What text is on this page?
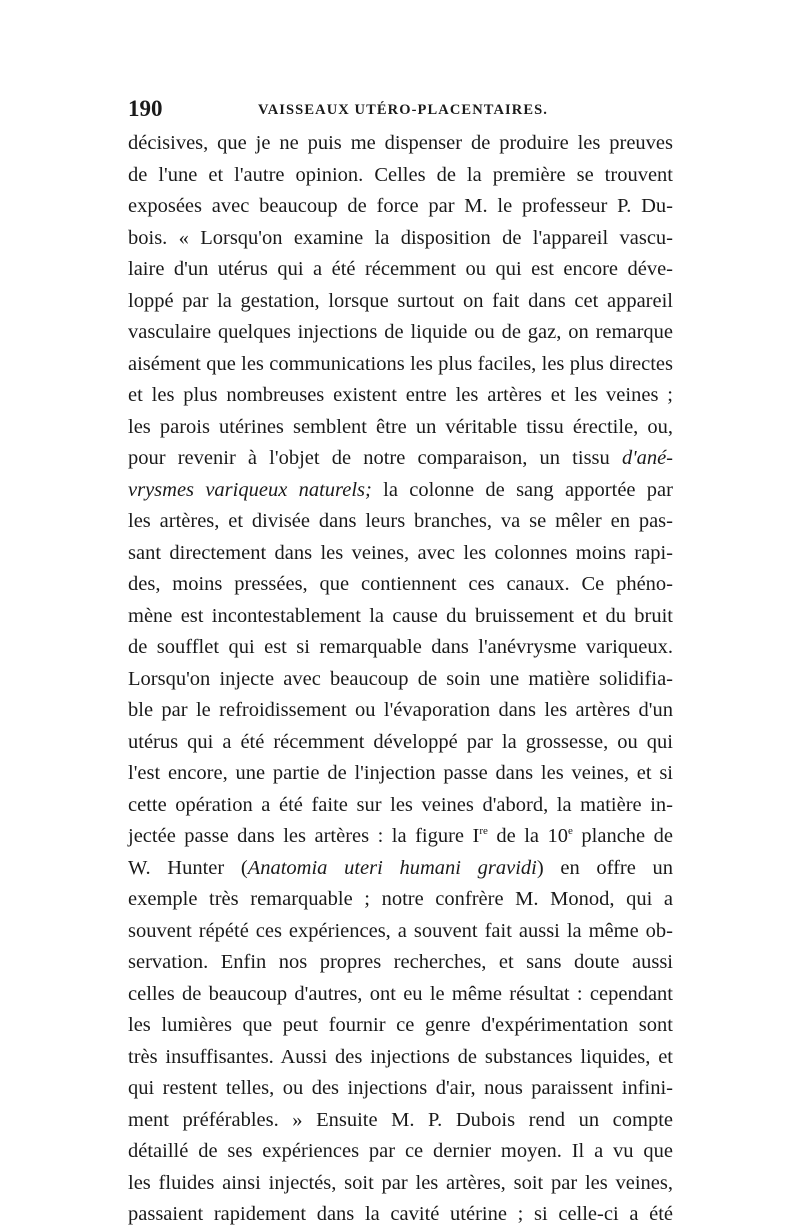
190	VAISSEAUX UTÉRO-PLACENTAIRES.
décisives, que je ne puis me dispenser de produire les preuves
de l'une et l'autre opinion. Celles de la première se trouvent
exposées avec beaucoup de force par M. le professeur P. Du-
bois. « Lorsqu'on examine la disposition de l'appareil vascu-
laire d'un utérus qui a été récemment ou qui est encore déve-
loppé par la gestation, lorsque surtout on fait dans cet appareil
vasculaire quelques injections de liquide ou de gaz, on remarque
aisément que les communications les plus faciles, les plus directes
et les plus nombreuses existent entre les artères et les veines ;
les parois utérines semblent être un véritable tissu érectile, ou,
pour revenir à l'objet de notre comparaison, un tissu d'ané-
vrysmes variqueux naturels; la colonne de sang apportée par
les artères, et divisée dans leurs branches, va se mêler en pas-
sant directement dans les veines, avec les colonnes moins rapi-
des, moins pressées, que contiennent ces canaux. Ce phéno-
mène est incontestablement la cause du bruissement et du bruit
de soufflet qui est si remarquable dans l'anévrysme variqueux.
Lorsqu'on injecte avec beaucoup de soin une matière solidifia-
ble par le refroidissement ou l'évaporation dans les artères d'un
utérus qui a été récemment développé par la grossesse, ou qui
l'est encore, une partie de l'injection passe dans les veines, et si
cette opération a été faite sur les veines d'abord, la matière in-
jectée passe dans les artères : la figure Ire de la 10e planche de
W. Hunter (Anatomia uteri humani gravidi) en offre un
exemple très remarquable ; notre confrère M. Monod, qui a
souvent répété ces expériences, a souvent fait aussi la même ob-
servation. Enfin nos propres recherches, et sans doute aussi
celles de beaucoup d'autres, ont eu le même résultat : cependant
les lumières que peut fournir ce genre d'expérimentation sont
très insuffisantes. Aussi des injections de substances liquides, et
qui restent telles, ou des injections d'air, nous paraissent infini-
ment préférables. » Ensuite M. P. Dubois rend un compte
détaillé de ses expériences par ce dernier moyen. Il a vu que
les fluides ainsi injectés, soit par les artères, soit par les veines,
passaient rapidement dans la cavité utérine ; si celle-ci a été
